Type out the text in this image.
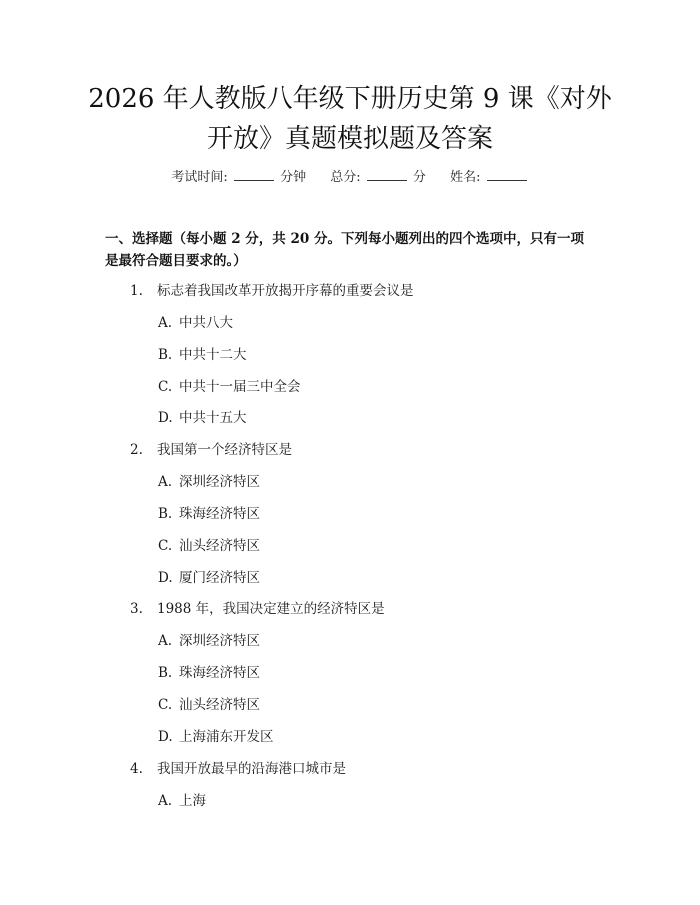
2026 年人教版八年级下册历史第 9 课《对外
开放》真题模拟题及答案
考试时间:	分钟 总分:	分 姓名:

一、选择题（每小题 2 分，共 20 分。下列每小题列出的四个选项中，只有一项是最符合题目要求的。）

1. 标志着我国改革开放揭开序幕的重要会议是
A. 中共八大
B. 中共十二大
C. 中共十一届三中全会
D. 中共十五大
2. 我国第一个经济特区是
A. 深圳经济特区
B. 珠海经济特区
C. 汕头经济特区
D. 厦门经济特区
3. 1988 年，我国决定建立的经济特区是
A. 深圳经济特区
B. 珠海经济特区
C. 汕头经济特区
D. 上海浦东开发区
4. 我国开放最早的沿海港口城市是
A. 上海
